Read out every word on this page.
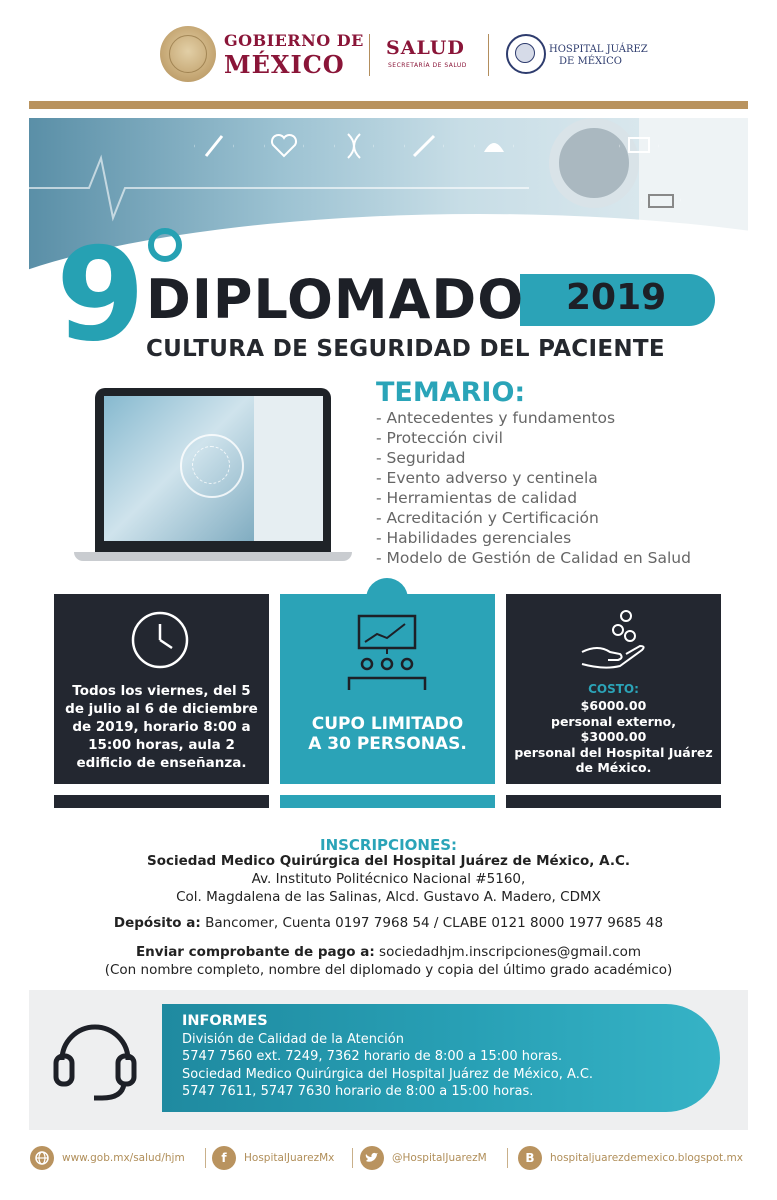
GOBIERNO DE
MÉXICO
SALUD
SECRETARÍA DE SALUD
HOSPITAL JUÁREZ
DE MÉXICO
9 DIPLOMADO 2019
CULTURA DE SEGURIDAD DEL PACIENTE
TEMARIO:
- Antecedentes y fundamentos
- Protección civil
- Seguridad
- Evento adverso y centinela
- Herramientas de calidad
- Acreditación y Certificación
- Habilidades gerenciales
- Modelo de Gestión de Calidad en Salud
Todos los viernes, del 5 de julio al 6 de diciembre de 2019, horario 8:00 a 15:00 horas, aula 2 edificio de enseñanza.
CUPO LIMITADO
A 30 PERSONAS.
COSTO:
$6000.00
personal externo,
$3000.00
personal del Hospital Juárez
de México.
INSCRIPCIONES:
Sociedad Medico Quirúrgica del Hospital Juárez de México, A.C.
Av. Instituto Politécnico Nacional #5160,
Col. Magdalena de las Salinas, Alcd. Gustavo A. Madero, CDMX
Depósito a: Bancomer, Cuenta 0197 7968 54 / CLABE 0121 8000 1977 9685 48
Enviar comprobante de pago a: sociedadhjm.inscripciones@gmail.com
(Con nombre completo, nombre del diplomado y copia del último grado académico)
INFORMES
División de Calidad de la Atención
5747 7560 ext. 7249, 7362 horario de 8:00 a 15:00 horas.
Sociedad Medico Quirúrgica del Hospital Juárez de México, A.C.
5747 7611, 5747 7630 horario de 8:00 a 15:00 horas.
www.gob.mx/salud/hjm	f	HospitalJuarezMx	@HospitalJuarezM	B	hospitaljuarezdemexico.blogspot.mx
